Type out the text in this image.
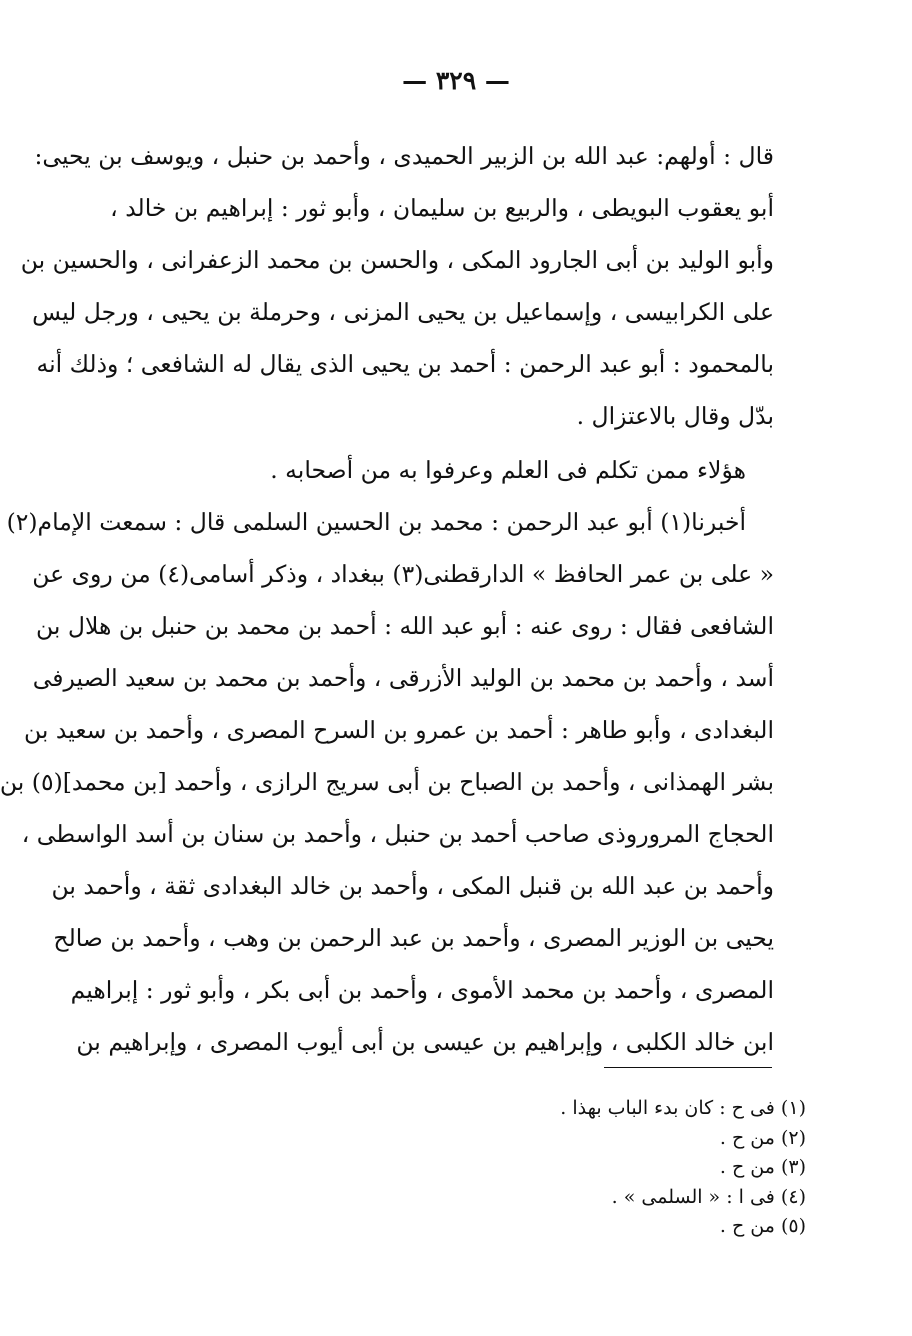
— ٣٢٩ —
قال : أولهم: عبد الله بن الزبير الحميدى ، وأحمد بن حنبل ، ويوسف بن يحيى:
أبو يعقوب البويطى ، والربيع بن سليمان ، وأبو ثور : إبراهيم بن خالد ،
وأبو الوليد بن أبى الجارود المكى ، والحسن بن محمد الزعفرانى ، والحسين بن
على الكرابيسى ، وإسماعيل بن يحيى المزنى ، وحرملة بن يحيى ، ورجل ليس
بالمحمود : أبو عبد الرحمن : أحمد بن يحيى الذى يقال له الشافعى ؛ وذلك أنه
بدّل وقال بالاعتزال .
هؤلاء ممن تكلم فى العلم وعرفوا به من أصحابه .
أخبرنا(١) أبو عبد الرحمن : محمد بن الحسين السلمى قال : سمعت الإمام(٢)
« على بن عمر الحافظ » الدارقطنى(٣) ببغداد ، وذكر أسامى(٤) من روى عن
الشافعى فقال : روى عنه : أبو عبد الله : أحمد بن محمد بن حنبل بن هلال بن
أسد ، وأحمد بن محمد بن الوليد الأزرقى ، وأحمد بن محمد بن سعيد الصيرفى
البغدادى ، وأبو طاهر : أحمد بن عمرو بن السرح المصرى ، وأحمد بن سعيد بن
بشر الهمذانى ، وأحمد بن الصباح بن أبى سريج الرازى ، وأحمد [بن محمد](٥) بن
الحجاج المروروذى صاحب أحمد بن حنبل ، وأحمد بن سنان بن أسد الواسطى ،
وأحمد بن عبد الله بن قنبل المكى ، وأحمد بن خالد البغدادى ثقة ، وأحمد بن
يحيى بن الوزير المصرى ، وأحمد بن عبد الرحمن بن وهب ، وأحمد بن صالح
المصرى ، وأحمد بن محمد الأموى ، وأحمد بن أبى بكر ، وأبو ثور : إبراهيم
ابن خالد الكلبى ، وإبراهيم بن عيسى بن أبى أيوب المصرى ، وإبراهيم بن
(١) فى ح : كان بدء الباب بهذا .
(٢) من ح .
(٣) من ح .
(٤) فى ا : « السلمى » .
(٥) من ح .
